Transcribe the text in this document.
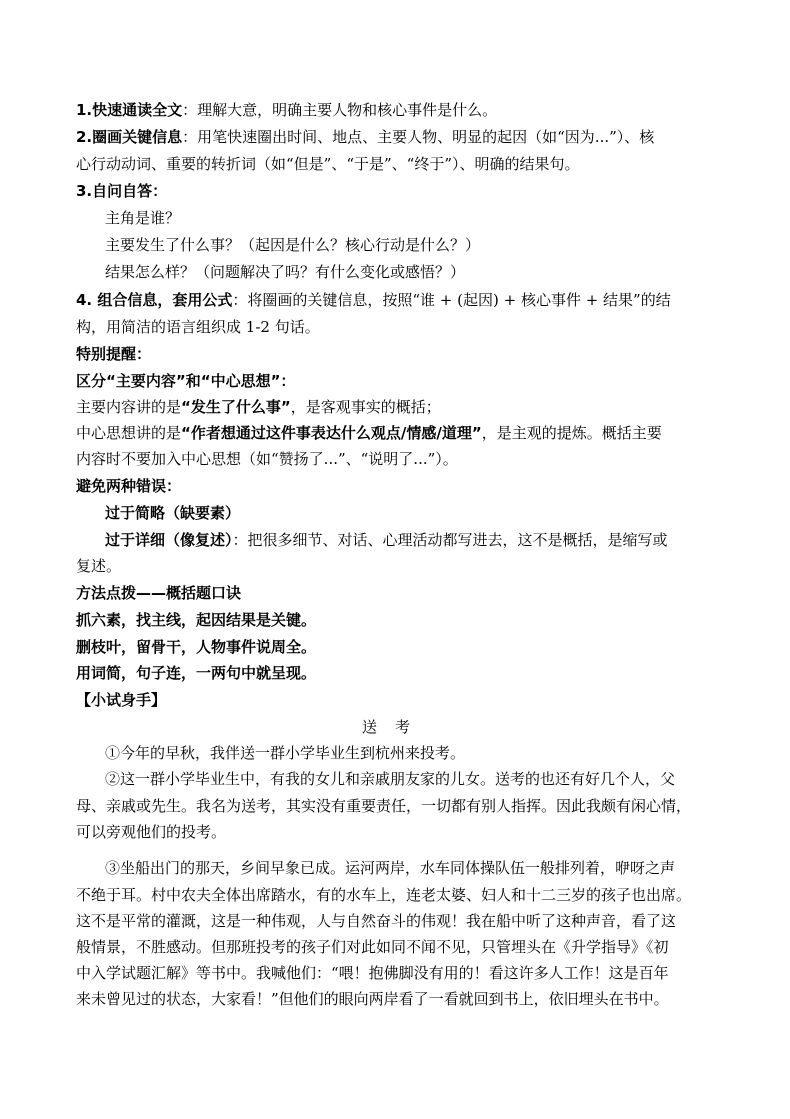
1.快速通读全文：理解大意，明确主要人物和核心事件是什么。
2.圈画关键信息：用笔快速圈出时间、地点、主要人物、明显的起因（如“因为...”）、核
心行动动词、重要的转折词（如“但是”、“于是”、“终于”）、明确的结果句。
3.自问自答：
主角是谁？
主要发生了什么事？（起因是什么？核心行动是什么？）
结果怎么样？（问题解决了吗？有什么变化或感悟？）
4. 组合信息，套用公式：将圈画的关键信息，按照“谁 + (起因) + 核心事件 + 结果”的结
构，用简洁的语言组织成 1-2 句话。
特别提醒：
区分“主要内容”和“中心思想”：
主要内容讲的是“发生了什么事”，是客观事实的概括；
中心思想讲的是“作者想通过这件事表达什么观点/情感/道理”，是主观的提炼。概括主要
内容时不要加入中心思想（如“赞扬了...”、“说明了...”）。
避免两种错误：
过于简略（缺要素）
过于详细（像复述）：把很多细节、对话、心理活动都写进去，这不是概括，是缩写或
复述。
方法点拨——概括题口诀
抓六素，找主线，起因结果是关键。
删枝叶，留骨干，人物事件说周全。
用词简，句子连，一两句中就呈现。
【小试身手】
送考
①今年的早秋，我伴送一群小学毕业生到杭州来投考。
②这一群小学毕业生中，有我的女儿和亲戚朋友家的儿女。送考的也还有好几个人，父
母、亲戚或先生。我名为送考，其实没有重要责任，一切都有别人指挥。因此我颇有闲心情，
可以旁观他们的投考。
③坐船出门的那天，乡间早象已成。运河两岸，水车同体操队伍一般排列着，咿呀之声
不绝于耳。村中农夫全体出席踏水，有的水车上，连老太婆、妇人和十二三岁的孩子也出席。
这不是平常的灌溉，这是一种伟观，人与自然奋斗的伟观！我在船中听了这种声音，看了这
般情景，不胜感动。但那班投考的孩子们对此如同不闻不见，只管埋头在《升学指导》《初
中入学试题汇解》等书中。我喊他们：“喂！抱佛脚没有用的！看这许多人工作！这是百年
来未曾见过的状态，大家看！”但他们的眼向两岸看了一看就回到书上，依旧埋头在书中。
